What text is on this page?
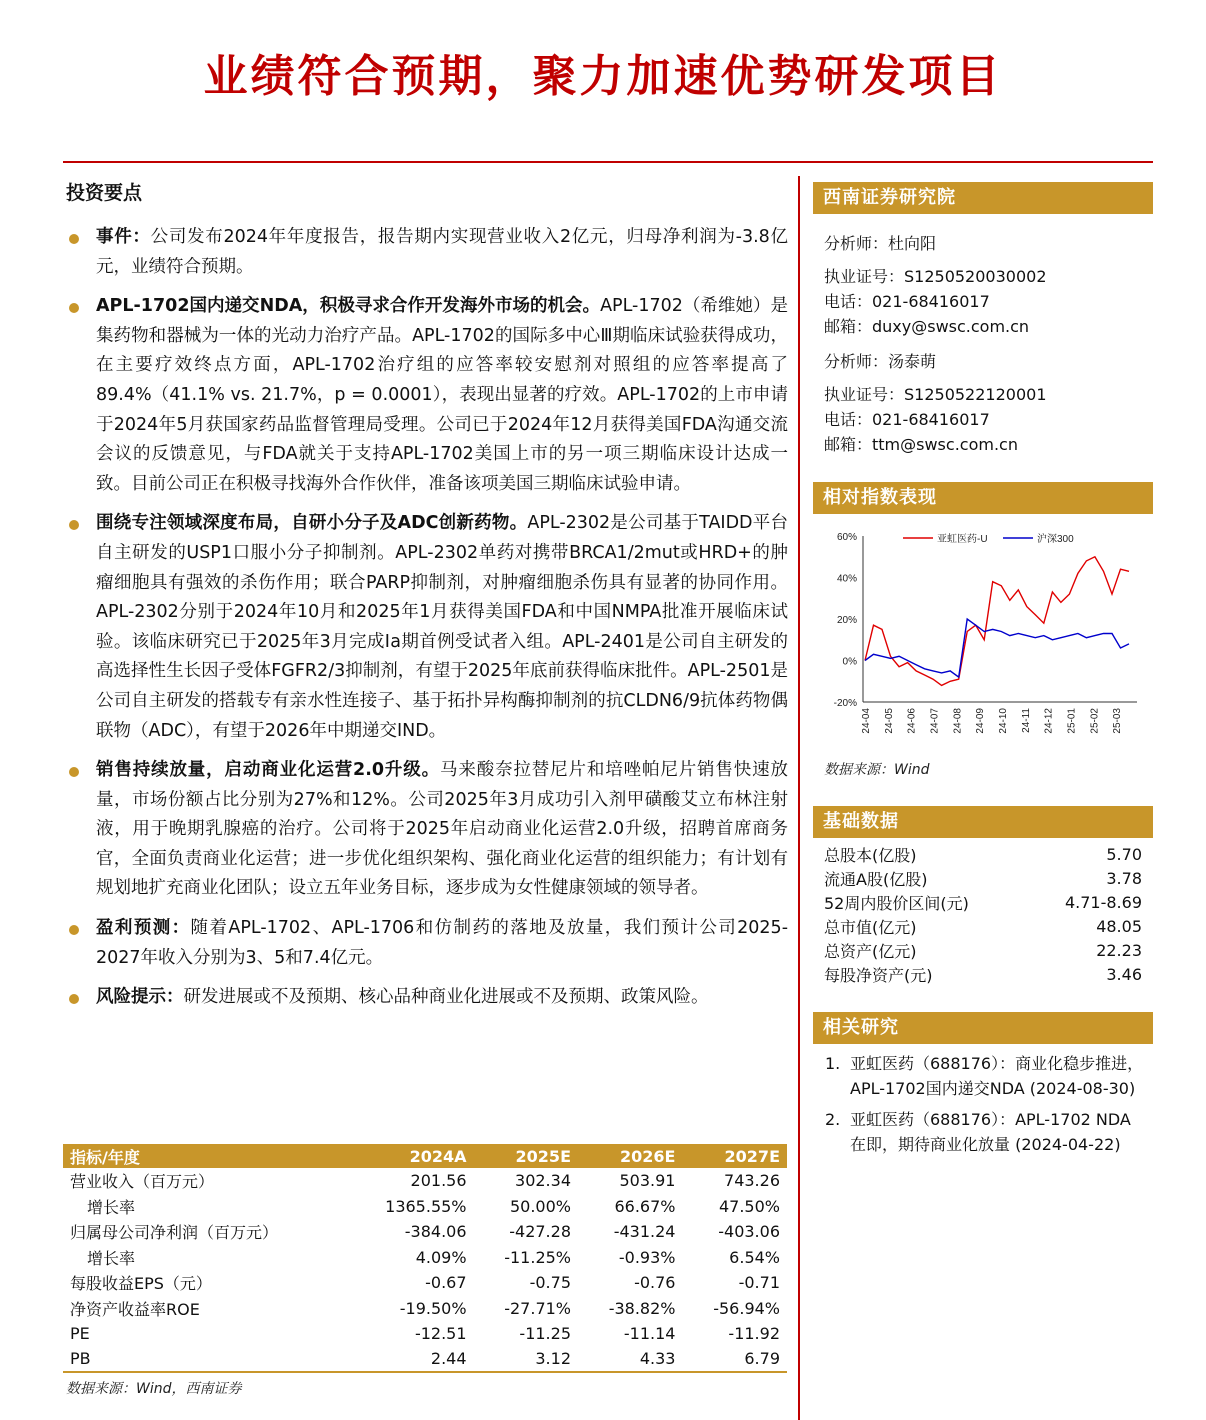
业绩符合预期，聚力加速优势研发项目
投资要点
事件：公司发布2024年年度报告，报告期内实现营业收入2亿元，归母净利润为-3.8亿元，业绩符合预期。
APL-1702国内递交NDA，积极寻求合作开发海外市场的机会。APL-1702（希维她）是集药物和器械为一体的光动力治疗产品。APL-1702的国际多中心Ⅲ期临床试验获得成功，在主要疗效终点方面，APL-1702治疗组的应答率较安慰剂对照组的应答率提高了89.4%（41.1% vs. 21.7%，p = 0.0001），表现出显著的疗效。APL-1702的上市申请于2024年5月获国家药品监督管理局受理。公司已于2024年12月获得美国FDA沟通交流会议的反馈意见，与FDA就关于支持APL-1702美国上市的另一项三期临床设计达成一致。目前公司正在积极寻找海外合作伙伴，准备该项美国三期临床试验申请。
围绕专注领域深度布局，自研小分子及ADC创新药物。APL-2302是公司基于TAIDD平台自主研发的USP1口服小分子抑制剂。APL-2302单药对携带BRCA1/2mut或HRD+的肿瘤细胞具有强效的杀伤作用；联合PARP抑制剂，对肿瘤细胞杀伤具有显著的协同作用。APL-2302分别于2024年10月和2025年1月获得美国FDA和中国NMPA批准开展临床试验。该临床研究已于2025年3月完成Ⅰa期首例受试者入组。APL-2401是公司自主研发的高选择性生长因子受体FGFR2/3抑制剂，有望于2025年底前获得临床批件。APL-2501是公司自主研发的搭载专有亲水性连接子、基于拓扑异构酶抑制剂的抗CLDN6/9抗体药物偶联物（ADC），有望于2026年中期递交IND。
销售持续放量，启动商业化运营2.0升级。马来酸奈拉替尼片和培唑帕尼片销售快速放量，市场份额占比分别为27%和12%。公司2025年3月成功引入剂甲磺酸艾立布林注射液，用于晚期乳腺癌的治疗。公司将于2025年启动商业化运营2.0升级，招聘首席商务官，全面负责商业化运营；进一步优化组织架构、强化商业化运营的组织能力；有计划有规划地扩充商业化团队；设立五年业务目标，逐步成为女性健康领域的领导者。
盈利预测：随着APL-1702、APL-1706和仿制药的落地及放量，我们预计公司2025-2027年收入分别为3、5和7.4亿元。
风险提示：研发进展或不及预期、核心品种商业化进展或不及预期、政策风险。
指标/年度	2024A	2025E	2026E	2027E
营业收入（百万元）	201.56	302.34	503.91	743.26
增长率	1365.55%	50.00%	66.67%	47.50%
归属母公司净利润（百万元）	-384.06	-427.28	-431.24	-403.06
增长率	4.09%	-11.25%	-0.93%	6.54%
每股收益EPS（元）	-0.67	-0.75	-0.76	-0.71
净资产收益率ROE	-19.50%	-27.71%	-38.82%	-56.94%
PE	-12.51	-11.25	-11.14	-11.92
PB	2.44	3.12	4.33	6.79
数据来源：Wind，西南证券
西南证券研究院
分析师：杜向阳
执业证号：S1250520030002
电话：021-68416017
邮箱：duxy@swsc.com.cn
分析师：汤泰萌
执业证号：S1250522120001
电话：021-68416017
邮箱：ttm@swsc.com.cn
相对指数表现
60%
40%
20%
0%
-20%
24-04 24-05 24-06 24-07 24-08 24-09 24-10 24-11 24-12 25-01 25-02 25-03
亚虹医药-U	沪深300
数据来源：Wind
基础数据
总股本(亿股)	5.70
流通A股(亿股)	3.78
52周内股价区间(元)	4.71-8.69
总市值(亿元)	48.05
总资产(亿元)	22.23
每股净资产(元)	3.46
相关研究
1. 亚虹医药（688176）：商业化稳步推进，APL-1702国内递交NDA (2024-08-30)
2. 亚虹医药（688176）：APL-1702 NDA在即，期待商业化放量 (2024-04-22)
